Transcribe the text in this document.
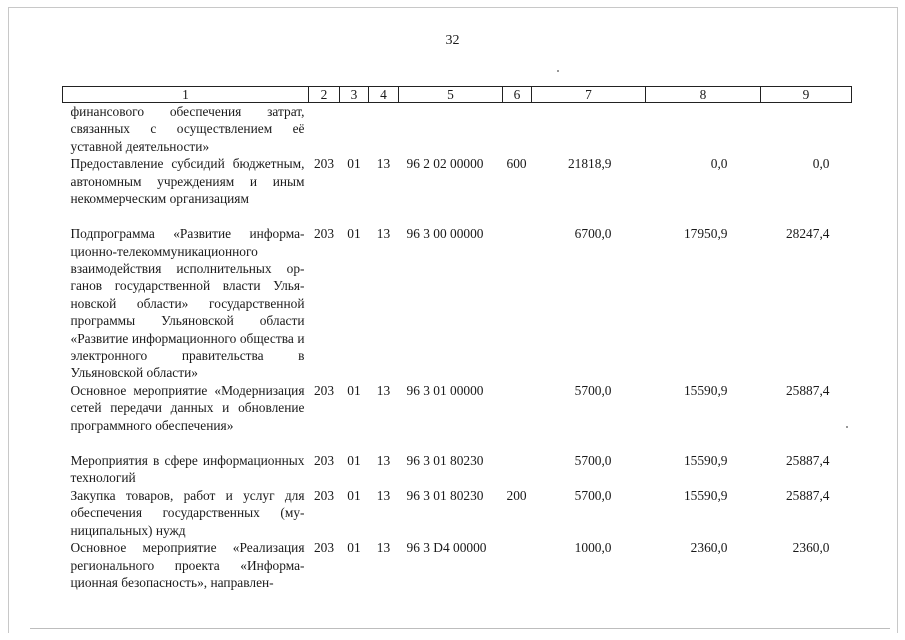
32
1	2	3	4	5	6	7	8	9
финансового обеспечения затрат, связанных с осуществлением её уставной деятельности»								
Предоставление субсидий бюджетным, автономным учреждениям и иным некоммерческим организациям	203	01	13	96 2 02 00000	600	21818,9	0,0	0,0
Подпрограмма «Развитие информационно-телекоммуникационного взаимодействия исполнительных органов государственной власти Ульяновской области» государственной программы Ульяновской области «Развитие информационного общества и электронного правительства в Ульяновской области»	203	01	13	96 3 00 00000		6700,0	17950,9	28247,4
Основное мероприятие «Модернизация сетей передачи данных и обновление программного обеспечения»	203	01	13	96 3 01 00000		5700,0	15590,9	25887,4
Мероприятия в сфере информационных технологий	203	01	13	96 3 01 80230		5700,0	15590,9	25887,4
Закупка товаров, работ и услуг для обеспечения государственных (муниципальных) нужд	203	01	13	96 3 01 80230	200	5700,0	15590,9	25887,4
Основное мероприятие «Реализация регионального проекта «Информационная безопасность», направлен-	203	01	13	96 3 D4 00000		1000,0	2360,0	2360,0
